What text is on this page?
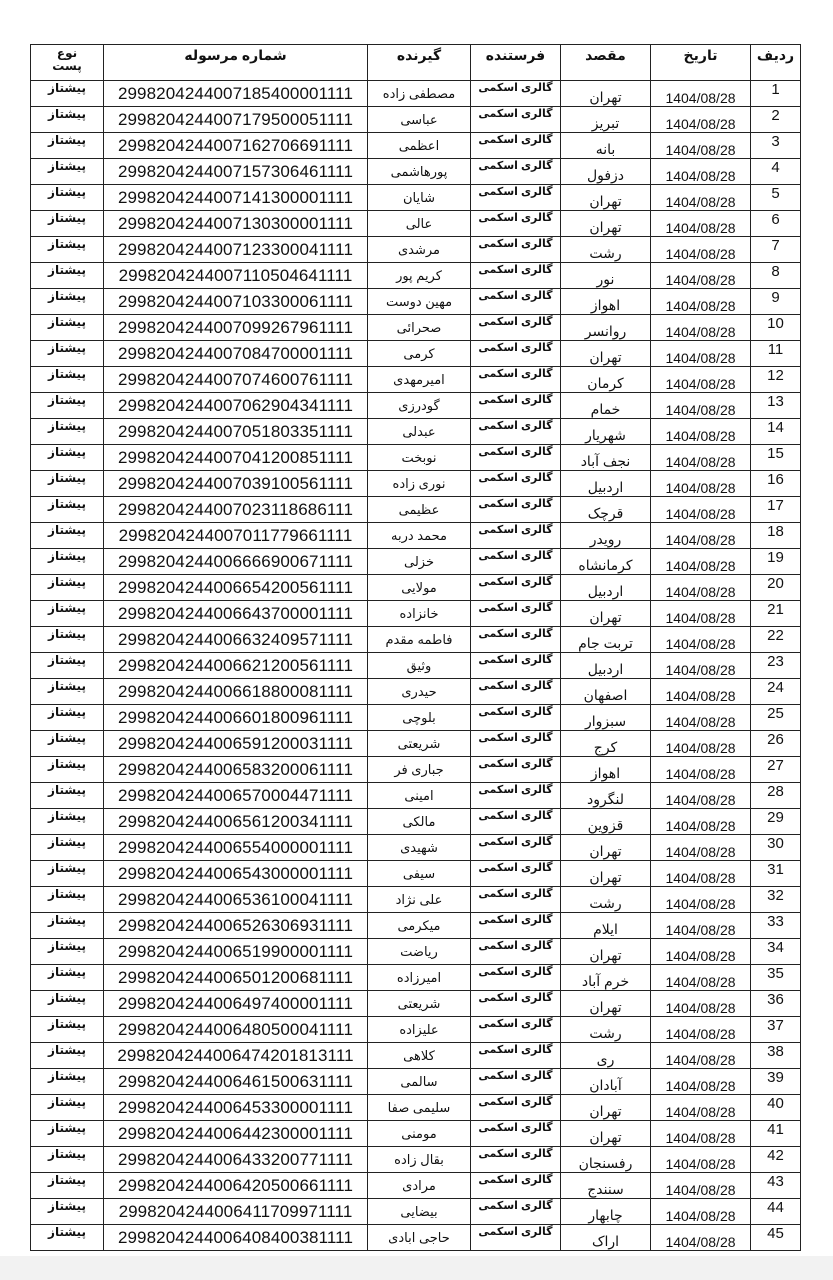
ردیف	تاریخ	مقصد	فرستنده	گیرنده	شماره مرسوله	نوع
پست
1	1404/08/28	تهران	گالری اسکمی	مصطفی زاده	2998204244007185400001111	پیشتاز
2	1404/08/28	تبریز	گالری اسکمی	عباسی	2998204244007179500051111	پیشتاز
3	1404/08/28	بانه	گالری اسکمی	اعظمی	2998204244007162706691111	پیشتاز
4	1404/08/28	دزفول	گالری اسکمی	پورهاشمی	2998204244007157306461111	پیشتاز
5	1404/08/28	تهران	گالری اسکمی	شایان	2998204244007141300001111	پیشتاز
6	1404/08/28	تهران	گالری اسکمی	عالی	2998204244007130300001111	پیشتاز
7	1404/08/28	رشت	گالری اسکمی	مرشدی	2998204244007123300041111	پیشتاز
8	1404/08/28	نور	گالری اسکمی	کریم پور	2998204244007110504641111	پیشتاز
9	1404/08/28	اهواز	گالری اسکمی	مهین دوست	2998204244007103300061111	پیشتاز
10	1404/08/28	روانسر	گالری اسکمی	صحرائی	2998204244007099267961111	پیشتاز
11	1404/08/28	تهران	گالری اسکمی	کرمی	2998204244007084700001111	پیشتاز
12	1404/08/28	کرمان	گالری اسکمی	امیرمهدی	2998204244007074600761111	پیشتاز
13	1404/08/28	خمام	گالری اسکمی	گودرزی	2998204244007062904341111	پیشتاز
14	1404/08/28	شهریار	گالری اسکمی	عبدلی	2998204244007051803351111	پیشتاز
15	1404/08/28	نجف آباد	گالری اسکمی	نوبخت	2998204244007041200851111	پیشتاز
16	1404/08/28	اردبیل	گالری اسکمی	نوری زاده	2998204244007039100561111	پیشتاز
17	1404/08/28	قرچک	گالری اسکمی	عظیمی	2998204244007023118686111	پیشتاز
18	1404/08/28	رویدر	گالری اسکمی	محمد دربه	2998204244007011779661111	پیشتاز
19	1404/08/28	کرمانشاه	گالری اسکمی	خزلی	2998204244006666900671111	پیشتاز
20	1404/08/28	اردبیل	گالری اسکمی	مولایی	2998204244006654200561111	پیشتاز
21	1404/08/28	تهران	گالری اسکمی	خانزاده	2998204244006643700001111	پیشتاز
22	1404/08/28	تربت جام	گالری اسکمی	فاطمه مقدم	2998204244006632409571111	پیشتاز
23	1404/08/28	اردبیل	گالری اسکمی	وثیق	2998204244006621200561111	پیشتاز
24	1404/08/28	اصفهان	گالری اسکمی	حیدری	2998204244006618800081111	پیشتاز
25	1404/08/28	سبزوار	گالری اسکمی	بلوچی	2998204244006601800961111	پیشتاز
26	1404/08/28	کرج	گالری اسکمی	شریعتی	2998204244006591200031111	پیشتاز
27	1404/08/28	اهواز	گالری اسکمی	جباری فر	2998204244006583200061111	پیشتاز
28	1404/08/28	لنگرود	گالری اسکمی	امینی	2998204244006570004471111	پیشتاز
29	1404/08/28	قزوین	گالری اسکمی	مالکی	2998204244006561200341111	پیشتاز
30	1404/08/28	تهران	گالری اسکمی	شهیدی	2998204244006554000001111	پیشتاز
31	1404/08/28	تهران	گالری اسکمی	سیفی	2998204244006543000001111	پیشتاز
32	1404/08/28	رشت	گالری اسکمی	علی نژاد	2998204244006536100041111	پیشتاز
33	1404/08/28	ایلام	گالری اسکمی	میکرمی	2998204244006526306931111	پیشتاز
34	1404/08/28	تهران	گالری اسکمی	ریاضت	2998204244006519900001111	پیشتاز
35	1404/08/28	خرم آباد	گالری اسکمی	امیرزاده	2998204244006501200681111	پیشتاز
36	1404/08/28	تهران	گالری اسکمی	شریعتی	2998204244006497400001111	پیشتاز
37	1404/08/28	رشت	گالری اسکمی	علیزاده	2998204244006480500041111	پیشتاز
38	1404/08/28	ری	گالری اسکمی	کلاهی	2998204244006474201813111	پیشتاز
39	1404/08/28	آبادان	گالری اسکمی	سالمی	2998204244006461500631111	پیشتاز
40	1404/08/28	تهران	گالری اسکمی	سلیمی صفا	2998204244006453300001111	پیشتاز
41	1404/08/28	تهران	گالری اسکمی	مومنی	2998204244006442300001111	پیشتاز
42	1404/08/28	رفسنجان	گالری اسکمی	بقال زاده	2998204244006433200771111	پیشتاز
43	1404/08/28	سنندج	گالری اسکمی	مرادی	2998204244006420500661111	پیشتاز
44	1404/08/28	چابهار	گالری اسکمی	بیضایی	2998204244006411709971111	پیشتاز
45	1404/08/28	اراک	گالری اسکمی	حاجی ابادی	2998204244006408400381111	پیشتاز
